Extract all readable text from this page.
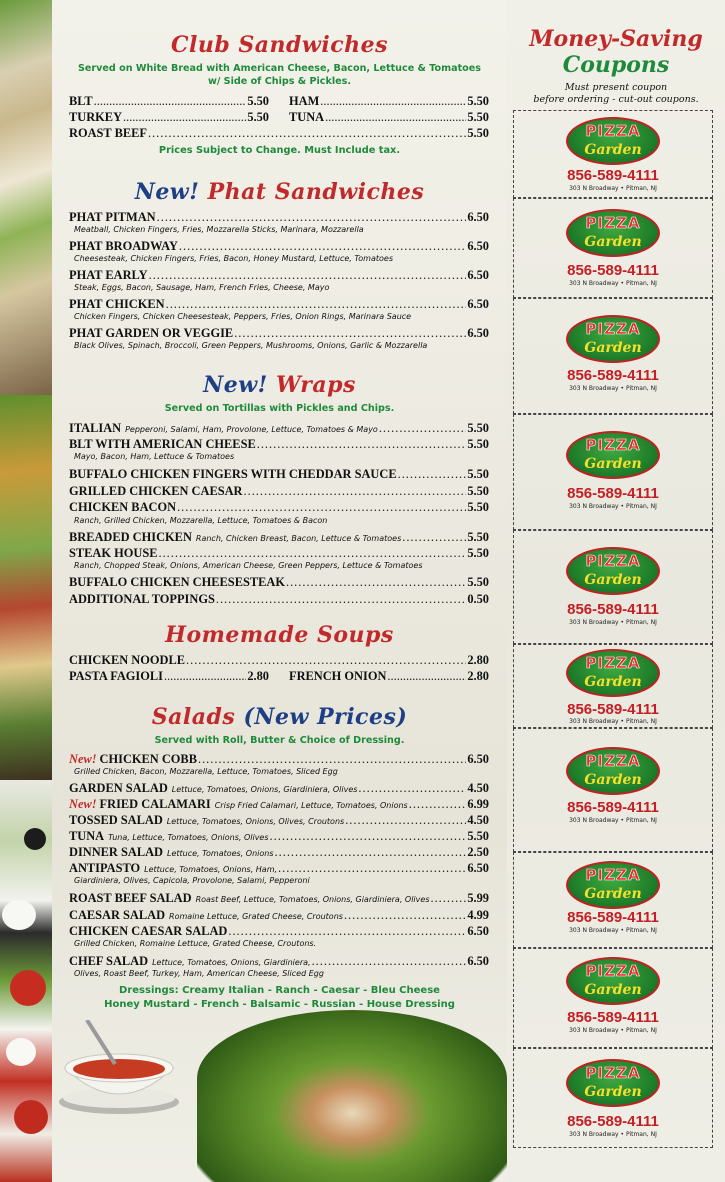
Club Sandwiches
Served on White Bread with American Cheese, Bacon, Lettuce & Tomatoes
w/ Side of Chips & Pickles.
BLT .....	5.50 HAM .....	5.50
TURKEY .....	5.50 TUNA .....	5.50
ROAST BEEF .....	5.50
Prices Subject to Change. Must Include tax.
New! Phat Sandwiches
PHAT PITMAN .....	6.50
Meatball, Chicken Fingers, Fries, Mozzarella Sticks, Marinara, Mozzarella
PHAT BROADWAY .....	6.50
Cheesesteak, Chicken Fingers, Fries, Bacon, Honey Mustard, Lettuce, Tomatoes
PHAT EARLY .....	6.50
Steak, Eggs, Bacon, Sausage, Ham, French Fries, Cheese, Mayo
PHAT CHICKEN .....	6.50
Chicken Fingers, Chicken Cheesesteak, Peppers, Fries, Onion Rings, Marinara Sauce
PHAT GARDEN OR VEGGIE .....	6.50
Black Olives, Spinach, Broccoli, Green Peppers, Mushrooms, Onions, Garlic & Mozzarella
New! Wraps
Served on Tortillas with Pickles and Chips.
ITALIAN Pepperoni, Salami, Ham, Provolone, Lettuce, Tomatoes & Mayo .....	5.50
BLT WITH AMERICAN CHEESE .....	5.50
Mayo, Bacon, Ham, Lettuce & Tomatoes
BUFFALO CHICKEN FINGERS WITH CHEDDAR SAUCE .....	5.50
GRILLED CHICKEN CAESAR .....	5.50
CHICKEN BACON .....	5.50
Ranch, Grilled Chicken, Mozzarella, Lettuce, Tomatoes & Bacon
BREADED CHICKEN Ranch, Chicken Breast, Bacon, Lettuce & Tomatoes .....	5.50
STEAK HOUSE .....	5.50
Ranch, Chopped Steak, Onions, American Cheese, Green Peppers, Lettuce & Tomatoes
BUFFALO CHICKEN CHEESESTEAK .....	5.50
ADDITIONAL TOPPINGS .....	0.50
Homemade Soups
CHICKEN NOODLE .....	2.80
PASTA FAGIOLI .....	2.80 FRENCH ONION .....	2.80
Salads (New Prices)
Served with Roll, Butter & Choice of Dressing.
New! CHICKEN COBB .....	6.50
Grilled Chicken, Bacon, Mozzarella, Lettuce, Tomatoes, Sliced Egg
GARDEN SALAD Lettuce, Tomatoes, Onions, Giardiniera, Olives .....	4.50
New! FRIED CALAMARI Crisp Fried Calamari, Lettuce, Tomatoes, Onions .....	6.99
TOSSED SALAD Lettuce, Tomatoes, Onions, Olives, Croutons .....	4.50
TUNA Tuna, Lettuce, Tomatoes, Onions, Olives .....	5.50
DINNER SALAD Lettuce, Tomatoes, Onions .....	2.50
ANTIPASTO Lettuce, Tomatoes, Onions, Ham, .....	6.50
Giardiniera, Olives, Capicola, Provolone, Salami, Pepperoni
ROAST BEEF SALAD Roast Beef, Lettuce, Tomatoes, Onions, Giardiniera, Olives .....	5.99
CAESAR SALAD Romaine Lettuce, Grated Cheese, Croutons .....	4.99
CHICKEN CAESAR SALAD .....	6.50
Grilled Chicken, Romaine Lettuce, Grated Cheese, Croutons.
CHEF SALAD Lettuce, Tomatoes, Onions, Giardiniera, .....	6.50
Olives, Roast Beef, Turkey, Ham, American Cheese, Sliced Egg
Dressings: Creamy Italian - Ranch - Caesar - Bleu Cheese
Honey Mustard - French - Balsamic - Russian - House Dressing
Money-Saving
Coupons
Must present coupon
before ordering - cut-out coupons.
PIZZA
Garden
856-589-4111
303 N Broadway • Pitman, NJ
PIZZA
Garden
856-589-4111
303 N Broadway • Pitman, NJ
PIZZA
Garden
856-589-4111
303 N Broadway • Pitman, NJ
PIZZA
Garden
856-589-4111
303 N Broadway • Pitman, NJ
PIZZA
Garden
856-589-4111
303 N Broadway • Pitman, NJ
PIZZA
Garden
856-589-4111
303 N Broadway • Pitman, NJ
PIZZA
Garden
856-589-4111
303 N Broadway • Pitman, NJ
PIZZA
Garden
856-589-4111
303 N Broadway • Pitman, NJ
PIZZA
Garden
856-589-4111
303 N Broadway • Pitman, NJ
PIZZA
Garden
856-589-4111
303 N Broadway • Pitman, NJ
